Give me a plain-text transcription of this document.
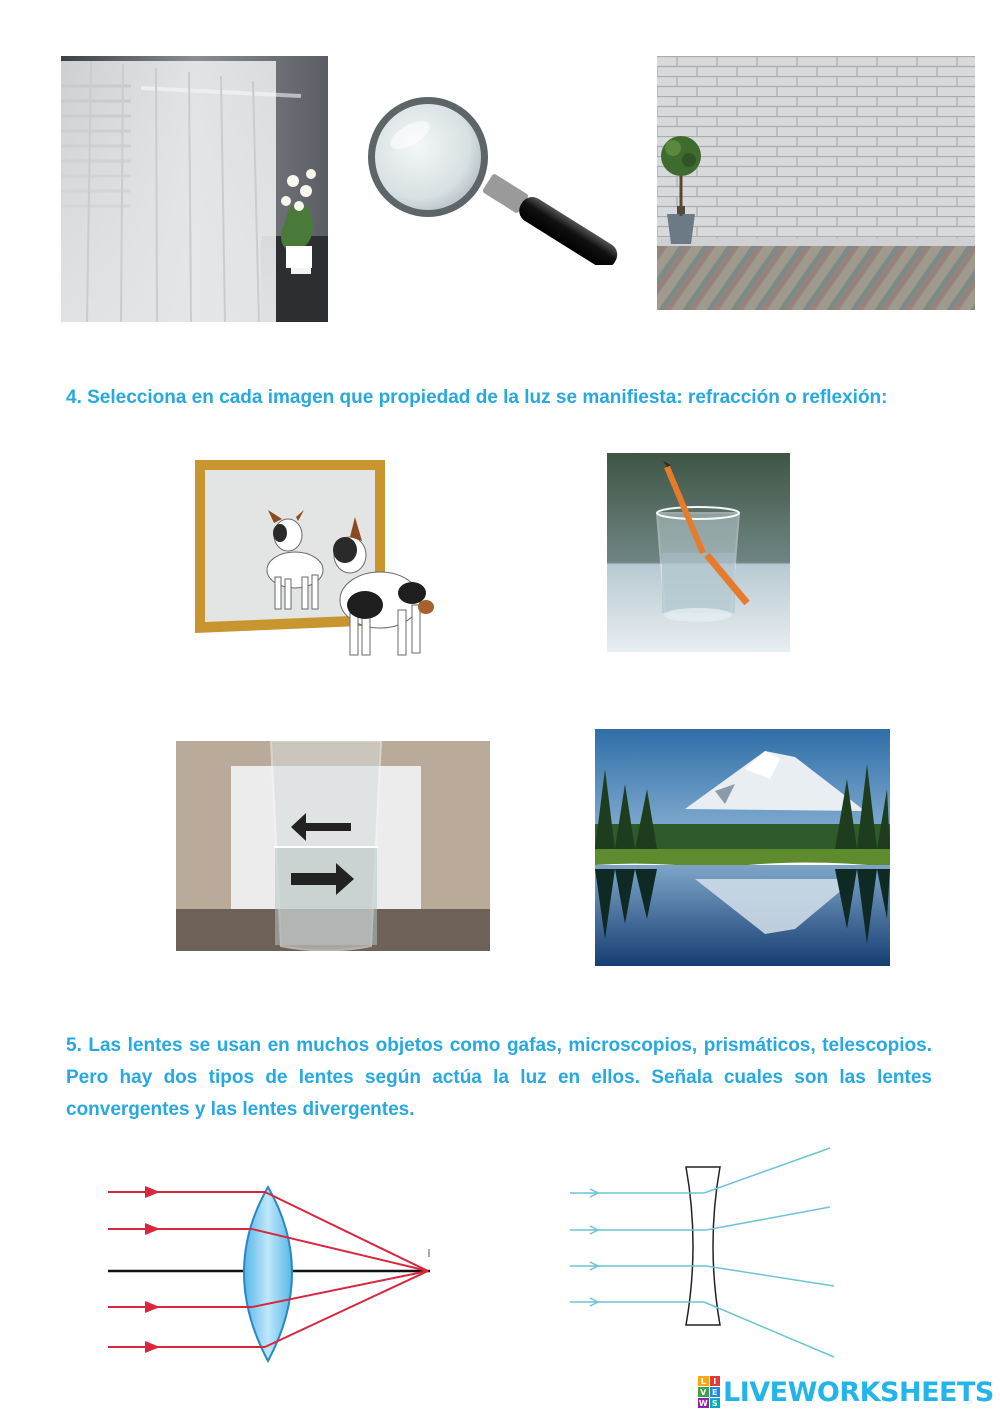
4. Selecciona en cada imagen que propiedad de la luz se manifiesta: refracción o reflexión:

5. Las lentes se usan en muchos objetos como gafas, microscopios, prismáticos, telescopios. Pero hay dos tipos de lentes según actúa la luz en ellos. Señala cuales son las lentes convergentes y las lentes divergentes.

L I
V E
W S LIVEWORKSHEETS
